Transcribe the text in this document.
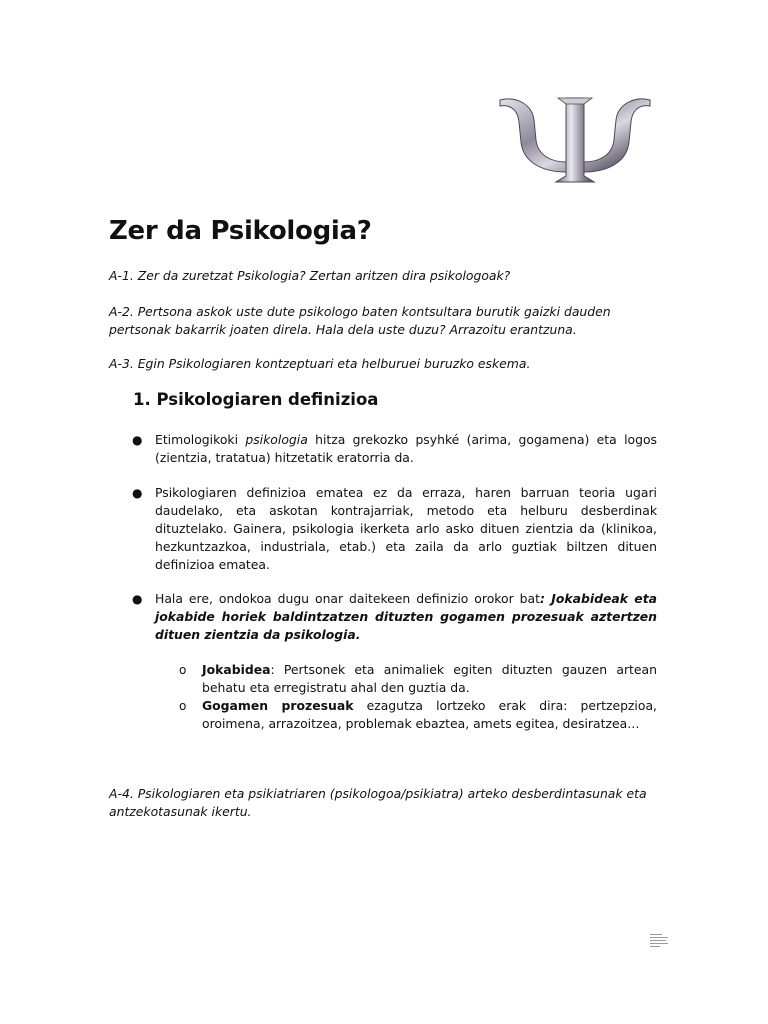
Zer da Psikologia?

A-1. Zer da zuretzat Psikologia? Zertan aritzen dira psikologoak?

A-2. Pertsona askok uste dute psikologo baten kontsultara burutik gaizki dauden pertsonak bakarrik joaten direla. Hala dela uste duzu? Arrazoitu erantzuna.

A-3. Egin Psikologiaren kontzeptuari eta helburuei buruzko eskema.

1. Psikologiaren definizioa
● Etimologikoki psikologia hitza grekozko psyhké (arima, gogamena) eta logos (zientzia, tratatua) hitzetatik eratorria da.

● Psikologiaren definizioa ematea ez da erraza, haren barruan teoria ugari daudelako, eta askotan kontrajarriak, metodo eta helburu desberdinak dituztelako. Gainera, psikologia ikerketa arlo asko dituen zientzia da (klinikoa, hezkuntzazkoa, industriala, etab.) eta zaila da arlo guztiak biltzen dituen definizioa ematea.

● Hala ere, ondokoa dugu onar daitekeen definizio orokor bat: Jokabideak eta jokabide horiek baldintzatzen dituzten gogamen prozesuak aztertzen dituen zientzia da psikologia.

o Jokabidea: Pertsonek eta animaliek egiten dituzten gauzen artean behatu eta erregistratu ahal den guztia da.

o Gogamen prozesuak ezagutza lortzeko erak dira: pertzepzioa, oroimena, arrazoitzea, problemak ebaztea, amets egitea, desiratzea…

A-4. Psikologiaren eta psikiatriaren (psikologoa/psikiatra) arteko desberdintasunak eta antzekotasunak ikertu.
